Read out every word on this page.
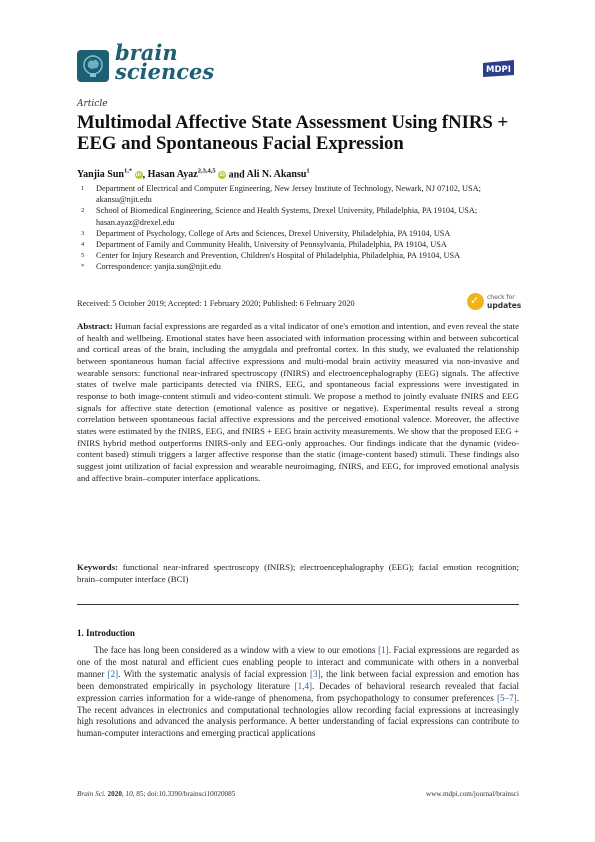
brain
sciences	MDPI
Article
Multimodal Affective State Assessment Using fNIRS + EEG and Spontaneous Facial Expression
Yanjia Sun$^{1,*}$ iD, Hasan Ayaz$^{2,3,4,5}$ iD and Ali N. Akansu$^1$
1	Department of Electrical and Computer Engineering, New Jersey Institute of Technology, Newark, NJ 07102, USA; akansu@njit.edu
2	School of Biomedical Engineering, Science and Health Systems, Drexel University, Philadelphia, PA 19104, USA; hasan.ayaz@drexel.edu
3	Department of Psychology, College of Arts and Sciences, Drexel University, Philadelphia, PA 19104, USA
4	Department of Family and Community Health, University of Pennsylvania, Philadelphia, PA 19104, USA
5	Center for Injury Research and Prevention, Children's Hospital of Philadelphia, Philadelphia, PA 19104, USA
*	Correspondence: yanjia.sun@njit.edu
Received: 5 October 2019; Accepted: 1 February 2020; Published: 6 February 2020	✓ check for
updates
Abstract: Human facial expressions are regarded as a vital indicator of one's emotion and intention, and even reveal the state of health and wellbeing. Emotional states have been associated with information processing within and between subcortical and cortical areas of the brain, including the amygdala and prefrontal cortex. In this study, we evaluated the relationship between spontaneous human facial affective expressions and multi-modal brain activity measured via non-invasive and wearable sensors: functional near-infrared spectroscopy (fNIRS) and electroencephalography (EEG) signals. The affective states of twelve male participants detected via fNIRS, EEG, and spontaneous facial expressions were investigated in response to both image-content stimuli and video-content stimuli. We propose a method to jointly evaluate fNIRS and EEG signals for affective state detection (emotional valence as positive or negative). Experimental results reveal a strong correlation between spontaneous facial affective expressions and the perceived emotional valence. Moreover, the affective states were estimated by the fNIRS, EEG, and fNIRS + EEG brain activity measurements. We show that the proposed EEG + fNIRS hybrid method outperforms fNIRS-only and EEG-only approaches. Our findings indicate that the dynamic (video-content based) stimuli triggers a larger affective response than the static (image-content based) stimuli. These findings also suggest joint utilization of facial expression and wearable neuroimaging, fNIRS, and EEG, for improved emotional analysis and affective brain–computer interface applications.
Keywords: functional near-infrared spectroscopy (fNIRS); electroencephalography (EEG); facial emotion recognition; brain–computer interface (BCI)
1. Introduction
The face has long been considered as a window with a view to our emotions [1]. Facial expressions are regarded as one of the most natural and efficient cues enabling people to interact and communicate with others in a nonverbal manner [2]. With the systematic analysis of facial expression [3], the link between facial expression and emotion has been demonstrated empirically in psychology literature [1,4]. Decades of behavioral research revealed that facial expression carries information for a wide-range of phenomena, from psychopathology to consumer preferences [5–7]. The recent advances in electronics and computational technologies allow recording facial expressions at increasingly high resolutions and advanced the analysis performance. A better understanding of facial expressions can contribute to human-computer interactions and emerging practical applications
Brain Sci. 2020, 10, 85; doi:10.3390/brainsci10020085	www.mdpi.com/journal/brainsci
